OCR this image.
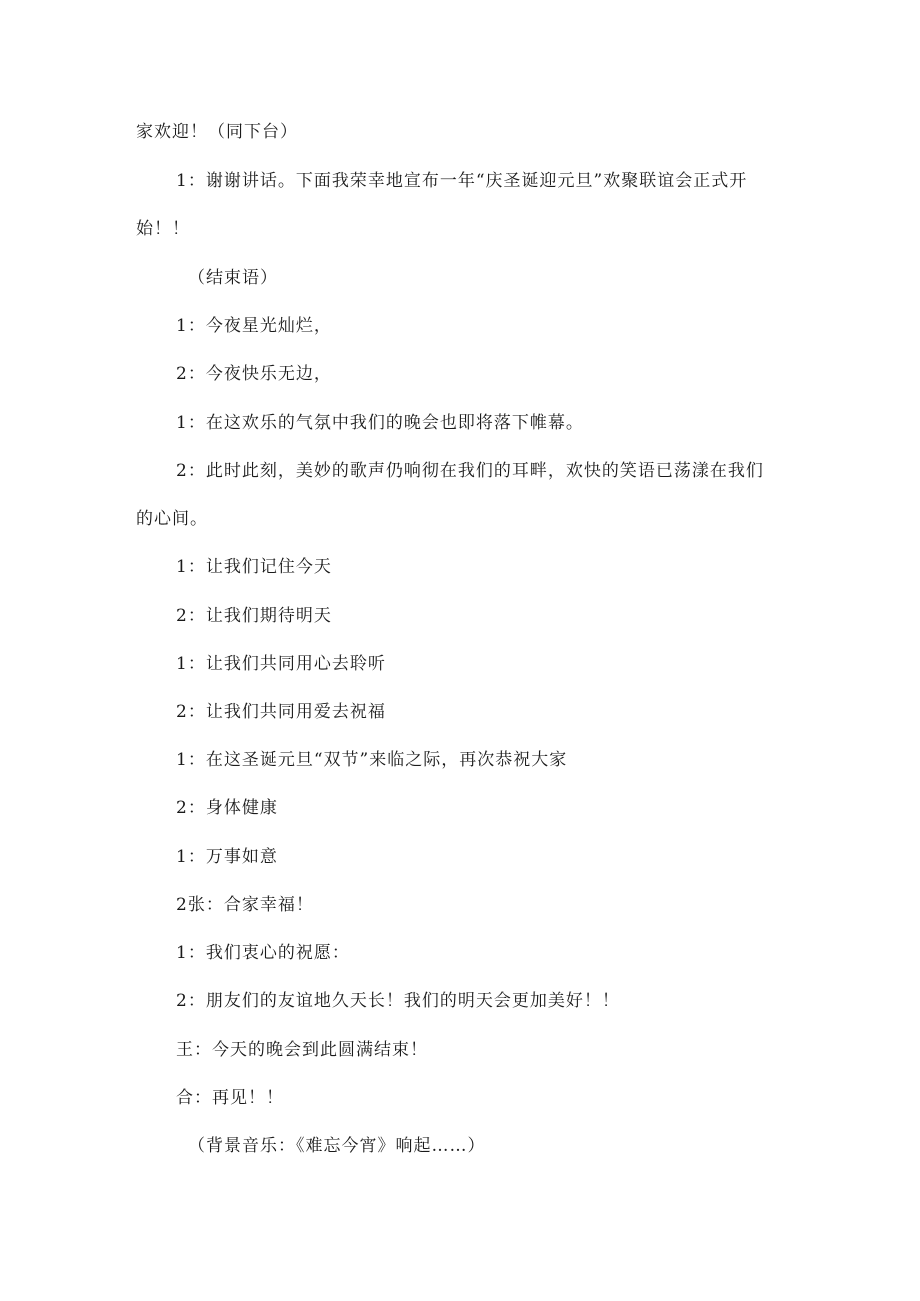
家欢迎！（同下台）
1：谢谢讲话。下面我荣幸地宣布一年“庆圣诞迎元旦”欢聚联谊会正式开
始！！
（结束语）
1：今夜星光灿烂，
2：今夜快乐无边，
1：在这欢乐的气氛中我们的晚会也即将落下帷幕。
2：此时此刻，美妙的歌声仍响彻在我们的耳畔，欢快的笑语已荡漾在我们
的心间。
1：让我们记住今天
2：让我们期待明天
1：让我们共同用心去聆听
2：让我们共同用爱去祝福
1：在这圣诞元旦“双节”来临之际，再次恭祝大家
2：身体健康
1：万事如意
2张：合家幸福！
1：我们衷心的祝愿：
2：朋友们的友谊地久天长！我们的明天会更加美好！！
王：今天的晚会到此圆满结束！
合：再见！！
（背景音乐：《难忘今宵》响起……）
